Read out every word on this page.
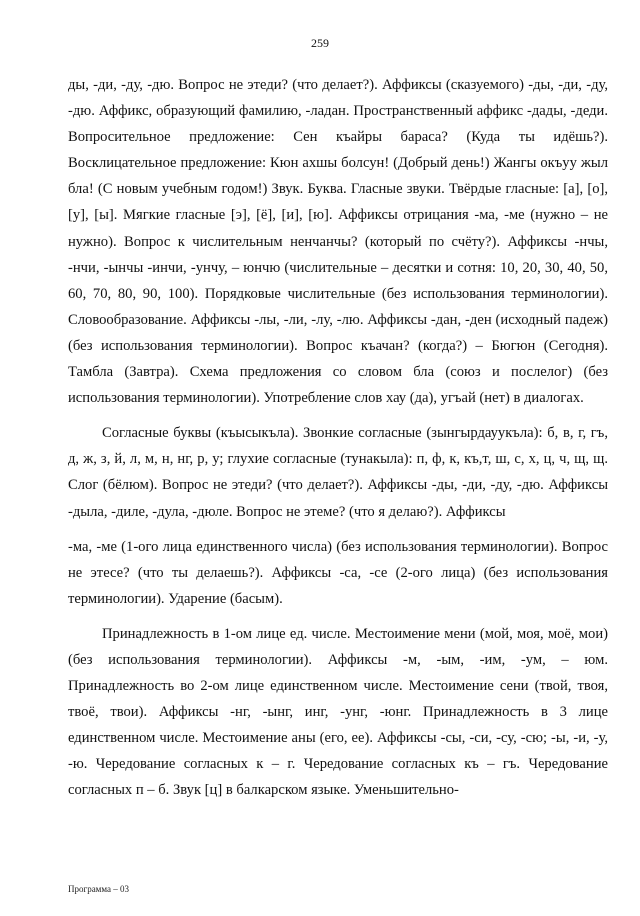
259

ды, -ди, -ду, -дю. Вопрос не этеди? (что делает?). Аффиксы (сказуемого) -ды, -ди, -ду, -дю. Аффикс, образующий фамилию, -ладан. Пространственный аффикс -дады, -деди. Вопросительное предложение: Сен къайры бараса? (Куда ты идёшь?). Восклицательное предложение: Кюн ахшы болсун! (Добрый день!) Жангы окъуу жыл бла! (С новым учебным годом!) Звук. Буква. Гласные звуки. Твёрдые гласные: [а], [о], [у], [ы]. Мягкие гласные [э], [ё], [и], [ю]. Аффиксы отрицания -ма, -ме (нужно – не нужно). Вопрос к числительным ненчанчы? (который по счёту?). Аффиксы -нчы, -нчи, -ынчы -инчи, -унчу, – юнчю (числительные – десятки и сотня: 10, 20, 30, 40, 50, 60, 70, 80, 90, 100). Порядковые числительные (без использования терминологии). Словообразование. Аффиксы -лы, -ли, -лу, -лю. Аффиксы -дан, -ден (исходный падеж) (без использования терминологии). Вопрос къачан? (когда?) – Бюгюн (Сегодня). Тамбла (Завтра). Схема предложения со словом бла (союз и послелог) (без использования терминологии). Употребление слов хау (да), угъай (нет) в диалогах.

Согласные буквы (къысыкъла). Звонкие согласные (зынгырдауукъла): б, в, г, гъ, д, ж, з, й, л, м, н, нг, р, у; глухие согласные (тунакыла): п, ф, к, къ,т, ш, с, х, ц, ч, щ, щ. Слог (бёлюм). Вопрос не этеди? (что делает?). Аффиксы -ды, -ди, -ду, -дю. Аффиксы -дыла, -диле, -дула, -дюле. Вопрос не этеме? (что я делаю?). Аффиксы

-ма, -ме (1-ого лица единственного числа) (без использования терминологии). Вопрос не этесе? (что ты делаешь?). Аффиксы -са, -се (2-ого лица) (без использования терминологии). Ударение (басым).

Принадлежность в 1-ом лице ед. числе. Местоимение мени (мой, моя, моё, мои) (без использования терминологии). Аффиксы -м, -ым, -им, -ум, – юм. Принадлежность во 2-ом лице единственном числе. Местоимение сени (твой, твоя, твоё, твои). Аффиксы -нг, -ынг, инг, -унг, -юнг. Принадлежность в 3 лице единственном числе. Местоимение аны (его, ее). Аффиксы -сы, -си, -су, -сю; -ы, -и, -у, -ю. Чередование согласных к – г. Чередование согласных къ – гъ. Чередование согласных п – б. Звук [ц] в балкарском языке. Уменьшительно-

Программа – 03
